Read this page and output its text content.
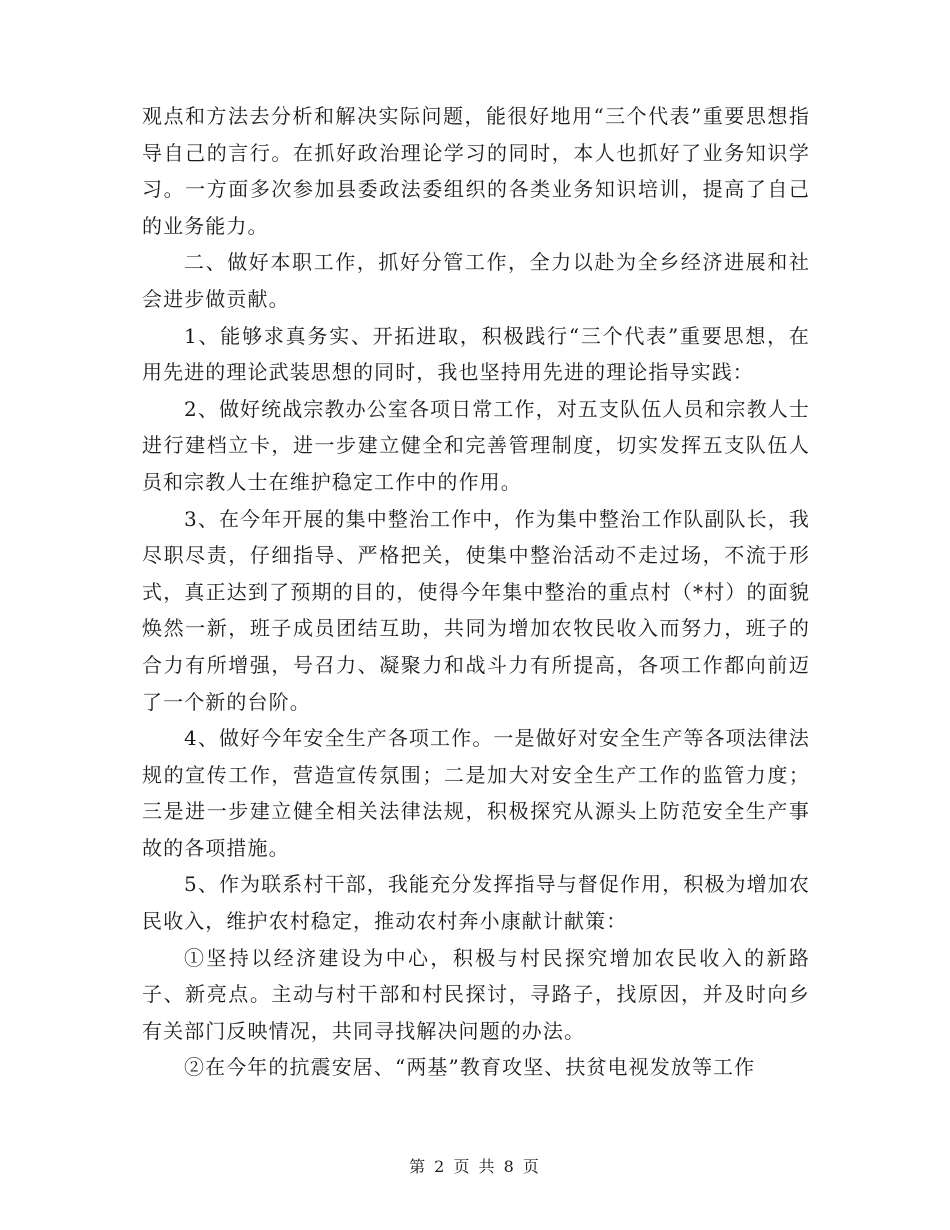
观点和方法去分析和解决实际问题，能很好地用“三个代表”重要思想指导自己的言行。在抓好政治理论学习的同时，本人也抓好了业务知识学习。一方面多次参加县委政法委组织的各类业务知识培训，提高了自己的业务能力。

二、做好本职工作，抓好分管工作，全力以赴为全乡经济进展和社会进步做贡献。

1、能够求真务实、开拓进取，积极践行“三个代表”重要思想，在用先进的理论武装思想的同时，我也坚持用先进的理论指导实践：

2、做好统战宗教办公室各项日常工作，对五支队伍人员和宗教人士进行建档立卡，进一步建立健全和完善管理制度，切实发挥五支队伍人员和宗教人士在维护稳定工作中的作用。

3、在今年开展的集中整治工作中，作为集中整治工作队副队长，我尽职尽责，仔细指导、严格把关，使集中整治活动不走过场，不流于形式，真正达到了预期的目的，使得今年集中整治的重点村（*村）的面貌焕然一新，班子成员团结互助，共同为增加农牧民收入而努力，班子的合力有所增强，号召力、凝聚力和战斗力有所提高，各项工作都向前迈了一个新的台阶。

4、做好今年安全生产各项工作。一是做好对安全生产等各项法律法规的宣传工作，营造宣传氛围；二是加大对安全生产工作的监管力度；三是进一步建立健全相关法律法规，积极探究从源头上防范安全生产事故的各项措施。

5、作为联系村干部，我能充分发挥指导与督促作用，积极为增加农民收入，维护农村稳定，推动农村奔小康献计献策：

①坚持以经济建设为中心，积极与村民探究增加农民收入的新路子、新亮点。主动与村干部和村民探讨，寻路子，找原因，并及时向乡有关部门反映情况，共同寻找解决问题的办法。

②在今年的抗震安居、“两基”教育攻坚、扶贫电视发放等工作

第 2 页 共 8 页
